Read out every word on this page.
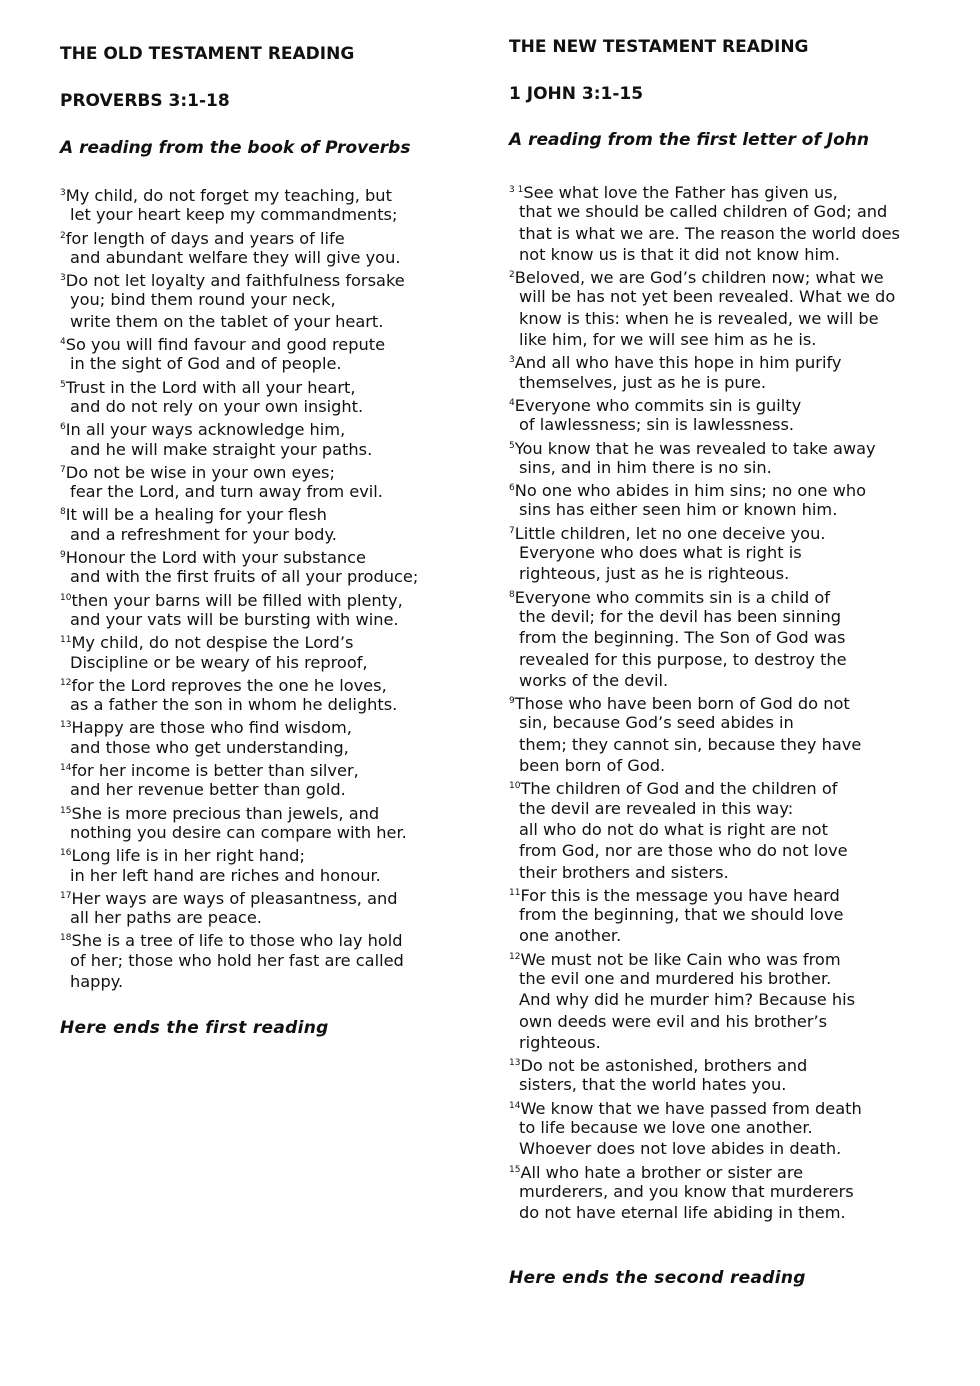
THE OLD TESTAMENT READING
PROVERBS 3:1-18

A reading from the book of Proverbs

$^3$My child, do not forget my teaching, but
let your heart keep my commandments;
$^2$for length of days and years of life
and abundant welfare they will give you.
$^3$Do not let loyalty and faithfulness forsake
you; bind them round your neck,
write them on the tablet of your heart.
$^4$So you will find favour and good repute
in the sight of God and of people.
$^5$Trust in the Lord with all your heart,
and do not rely on your own insight.
$^6$In all your ways acknowledge him,
and he will make straight your paths.
$^7$Do not be wise in your own eyes;
fear the Lord, and turn away from evil.
$^8$It will be a healing for your flesh
and a refreshment for your body.
$^9$Honour the Lord with your substance
and with the first fruits of all your produce;
$^{10}$then your barns will be filled with plenty,
and your vats will be bursting with wine.
$^{11}$My child, do not despise the Lord’s
Discipline or be weary of his reproof,
$^{12}$for the Lord reproves the one he loves,
as a father the son in whom he delights.
$^{13}$Happy are those who find wisdom,
and those who get understanding,
$^{14}$for her income is better than silver,
and her revenue better than gold.
$^{15}$She is more precious than jewels, and
nothing you desire can compare with her.
$^{16}$Long life is in her right hand;
in her left hand are riches and honour.
$^{17}$Her ways are ways of pleasantness, and
all her paths are peace.
$^{18}$She is a tree of life to those who lay hold
of her; those who hold her fast are called
happy.

Here ends the first reading

THE NEW TESTAMENT READING
1 JOHN 3:1-15

A reading from the first letter of John

$^{3 1}$See what love the Father has given us,
that we should be called children of God; and
that is what we are. The reason the world does
not know us is that it did not know him.
$^2$Beloved, we are God’s children now; what we
will be has not yet been revealed. What we do
know is this: when he is revealed, we will be
like him, for we will see him as he is.
$^3$And all who have this hope in him purify
themselves, just as he is pure.
$^4$Everyone who commits sin is guilty
of lawlessness; sin is lawlessness.
$^5$You know that he was revealed to take away
sins, and in him there is no sin.
$^6$No one who abides in him sins; no one who
sins has either seen him or known him.
$^7$Little children, let no one deceive you.
Everyone who does what is right is
righteous, just as he is righteous.
$^8$Everyone who commits sin is a child of
the devil; for the devil has been sinning
from the beginning. The Son of God was
revealed for this purpose, to destroy the
works of the devil.
$^9$Those who have been born of God do not
sin, because God’s seed abides in
them; they cannot sin, because they have
been born of God.
$^{10}$The children of God and the children of
the devil are revealed in this way:
all who do not do what is right are not
from God, nor are those who do not love
their brothers and sisters.
$^{11}$For this is the message you have heard
from the beginning, that we should love
one another.
$^{12}$We must not be like Cain who was from
the evil one and murdered his brother.
And why did he murder him? Because his
own deeds were evil and his brother’s
righteous.
$^{13}$Do not be astonished, brothers and
sisters, that the world hates you.
$^{14}$We know that we have passed from death
to life because we love one another.
Whoever does not love abides in death.
$^{15}$All who hate a brother or sister are
murderers, and you know that murderers
do not have eternal life abiding in them.

Here ends the second reading
